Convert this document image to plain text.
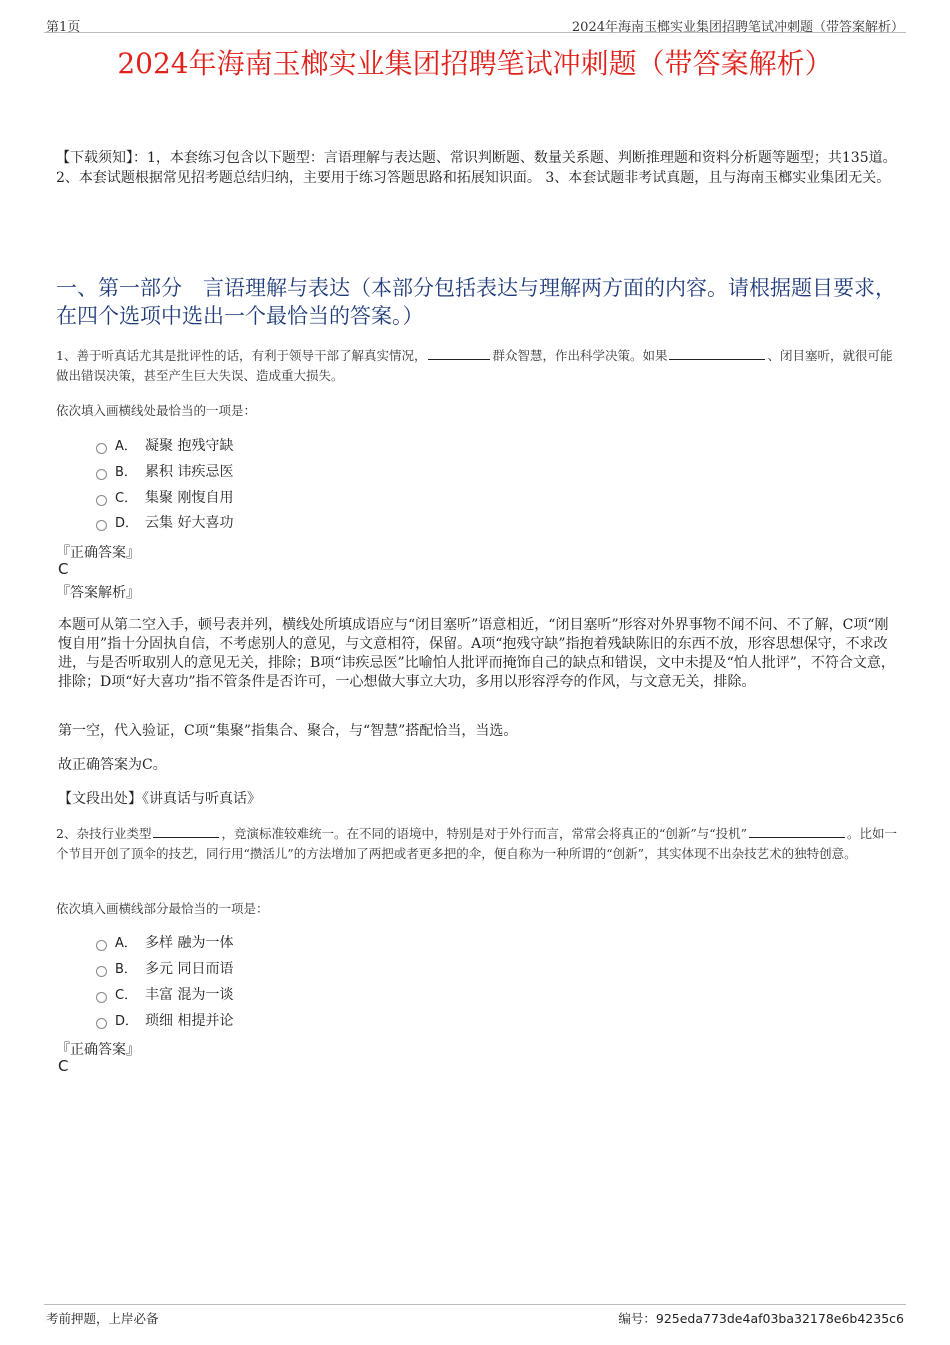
第1页	2024年海南玉榔实业集团招聘笔试冲刺题（带答案解析）
2024年海南玉榔实业集团招聘笔试冲刺题（带答案解析）
【下载须知】：1，本套练习包含以下题型：言语理解与表达题、常识判断题、数量关系题、判断推理题和资料分析题等题型；共135道。 2、本套试题根据常见招考题总结归纳，主要用于练习答题思路和拓展知识面。 3、本套试题非考试真题，且与海南玉榔实业集团无关。
一、第一部分　言语理解与表达（本部分包括表达与理解两方面的内容。请根据题目要求，在四个选项中选出一个最恰当的答案。）
1、善于听真话尤其是批评性的话，有利于领导干部了解真实情况，	群众智慧，作出科学决策。如果	、闭目塞听，就很可能做出错误决策，甚至产生巨大失误、造成重大损失。
依次填入画横线处最恰当的一项是：
A． 凝聚 抱残守缺
B． 累积 讳疾忌医
C． 集聚 刚愎自用
D． 云集 好大喜功
『正确答案』
C
『答案解析』
本题可从第二空入手，顿号表并列，横线处所填成语应与“闭目塞听”语意相近，“闭目塞听”形容对外界事物不闻不问、不了解，C项“刚愎自用”指十分固执自信，不考虑别人的意见，与文意相符，保留。A项“抱残守缺”指抱着残缺陈旧的东西不放，形容思想保守，不求改进，与是否听取别人的意见无关，排除；B项“讳疾忌医”比喻怕人批评而掩饰自己的缺点和错误，文中未提及“怕人批评”，不符合文意，排除；D项“好大喜功”指不管条件是否许可，一心想做大事立大功，多用以形容浮夸的作风，与文意无关，排除。
第一空，代入验证，C项“集聚”指集合、聚合，与“智慧”搭配恰当，当选。
故正确答案为C。
【文段出处】《讲真话与听真话》
2、杂技行业类型	，竞演标准较难统一。在不同的语境中，特别是对于外行而言，常常会将真正的“创新”与“投机”	。比如一个节目开创了顶伞的技艺，同行用“攒活儿”的方法增加了两把或者更多把的伞，便自称为一种所谓的“创新”，其实体现不出杂技艺术的独特创意。
依次填入画横线部分最恰当的一项是：
A． 多样 融为一体
B． 多元 同日而语
C． 丰富 混为一谈
D． 琐细 相提并论
『正确答案』
C
考前押题，上岸必备	编号：925eda773de4af03ba32178e6b4235c6
